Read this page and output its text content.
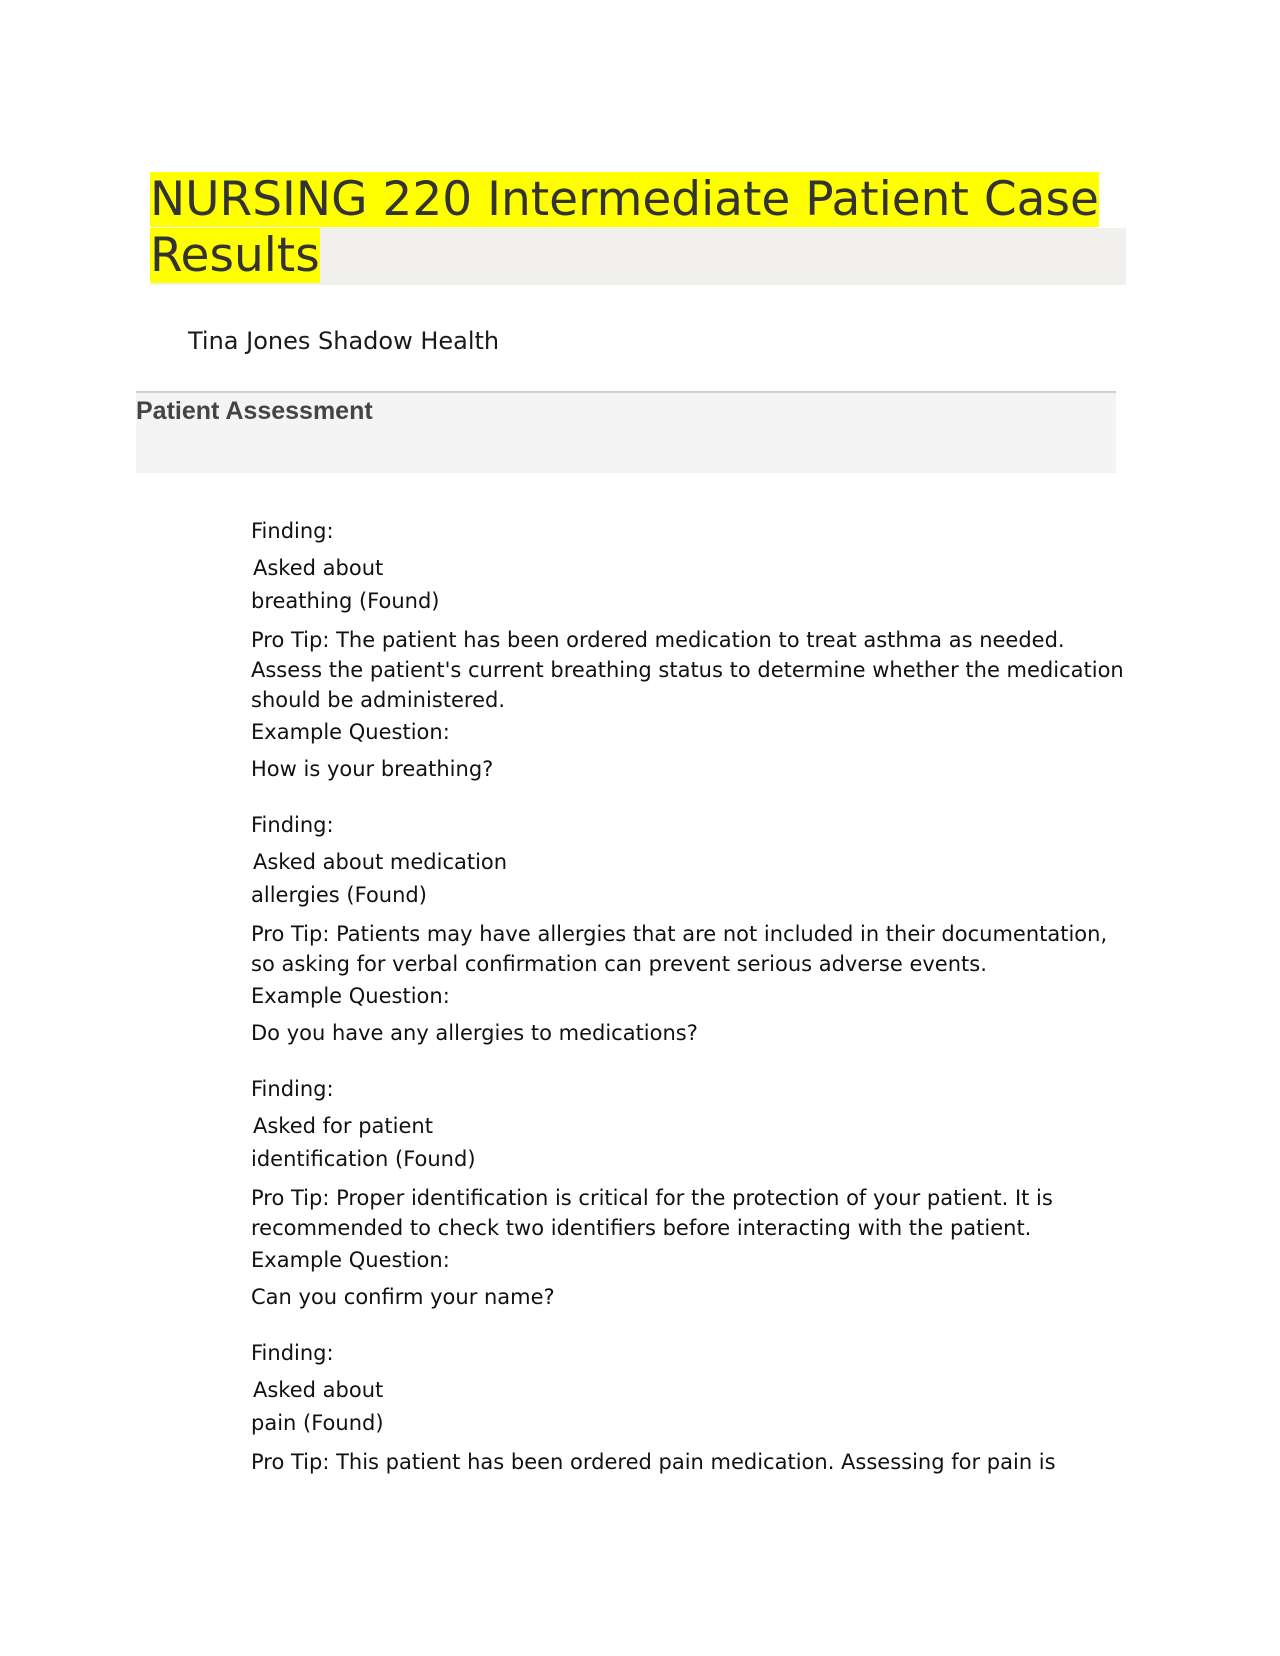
NURSING 220 Intermediate Patient Case Results
Tina Jones Shadow Health
Patient Assessment
Finding:
Asked about
breathing (Found)
Pro Tip: The patient has been ordered medication to treat asthma as needed. Assess the patient's current breathing status to determine whether the medication should be administered.
Example Question:
How is your breathing?
Finding:
Asked about medication
allergies (Found)
Pro Tip: Patients may have allergies that are not included in their documentation, so asking for verbal confirmation can prevent serious adverse events.
Example Question:
Do you have any allergies to medications?
Finding:
Asked for patient
identification (Found)
Pro Tip: Proper identification is critical for the protection of your patient. It is recommended to check two identifiers before interacting with the patient.
Example Question:
Can you confirm your name?
Finding:
Asked about
pain (Found)
Pro Tip: This patient has been ordered pain medication. Assessing for pain is
